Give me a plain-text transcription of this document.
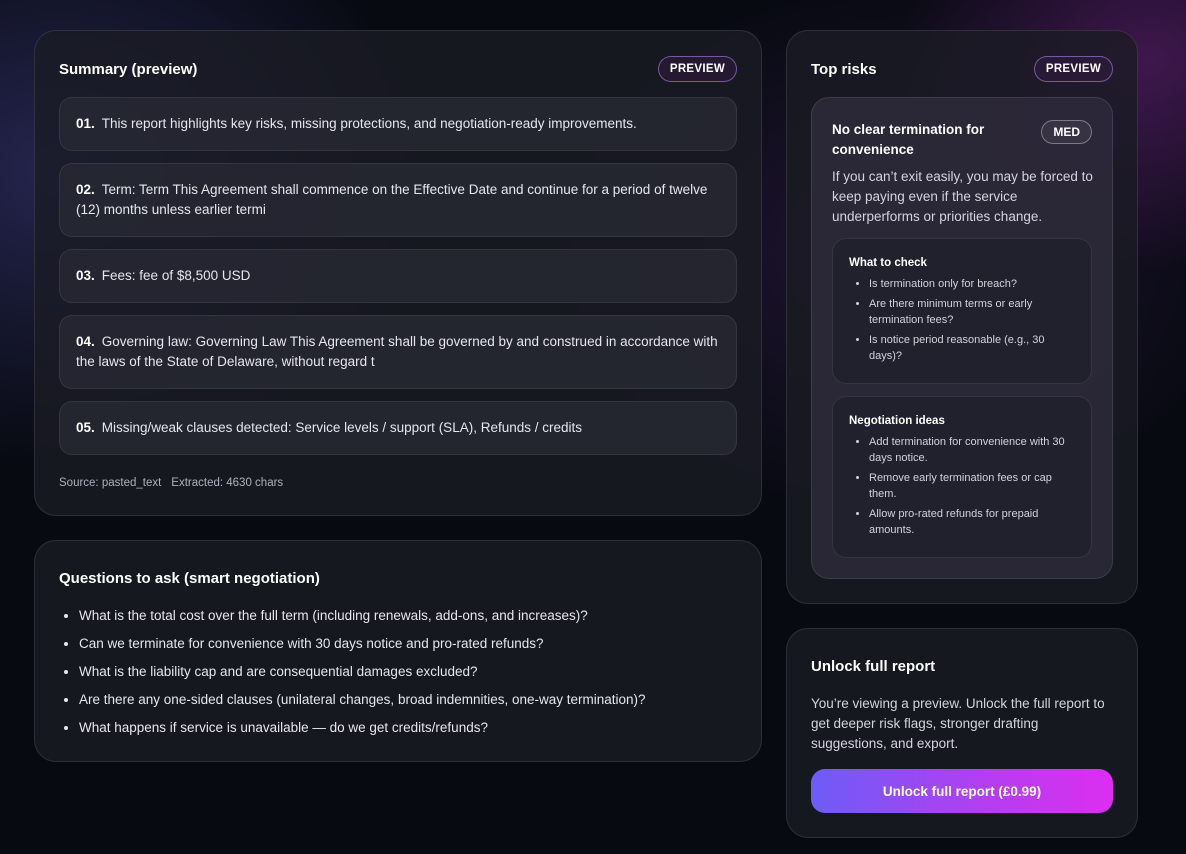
Summary (preview)	PREVIEW
01. This report highlights key risks, missing protections, and negotiation-ready improvements.
02. Term: Term This Agreement shall commence on the Effective Date and continue for a period of twelve (12) months unless earlier termi
03. Fees: fee of $8,500 USD
04. Governing law: Governing Law This Agreement shall be governed by and construed in accordance with the laws of the State of Delaware, without regard t
05. Missing/weak clauses detected: Service levels / support (SLA), Refunds / credits
Source: pasted_text Extracted: 4630 chars
Questions to ask (smart negotiation)
• What is the total cost over the full term (including renewals, add-ons, and increases)?
• Can we terminate for convenience with 30 days notice and pro-rated refunds?
• What is the liability cap and are consequential damages excluded?
• Are there any one-sided clauses (unilateral changes, broad indemnities, one-way termination)?
• What happens if service is unavailable — do we get credits/refunds?
Top risks	PREVIEW
No clear termination for convenience
MED
If you can’t exit easily, you may be forced to keep paying even if the service underperforms or priorities change.
What to check
• Is termination only for breach?
• Are there minimum terms or early termination fees?
• Is notice period reasonable (e.g., 30 days)?
Negotiation ideas
• Add termination for convenience with 30 days notice.
• Remove early termination fees or cap them.
• Allow pro-rated refunds for prepaid amounts.
Unlock full report
You’re viewing a preview. Unlock the full report to get deeper risk flags, stronger drafting suggestions, and export.
Unlock full report (£0.99)
